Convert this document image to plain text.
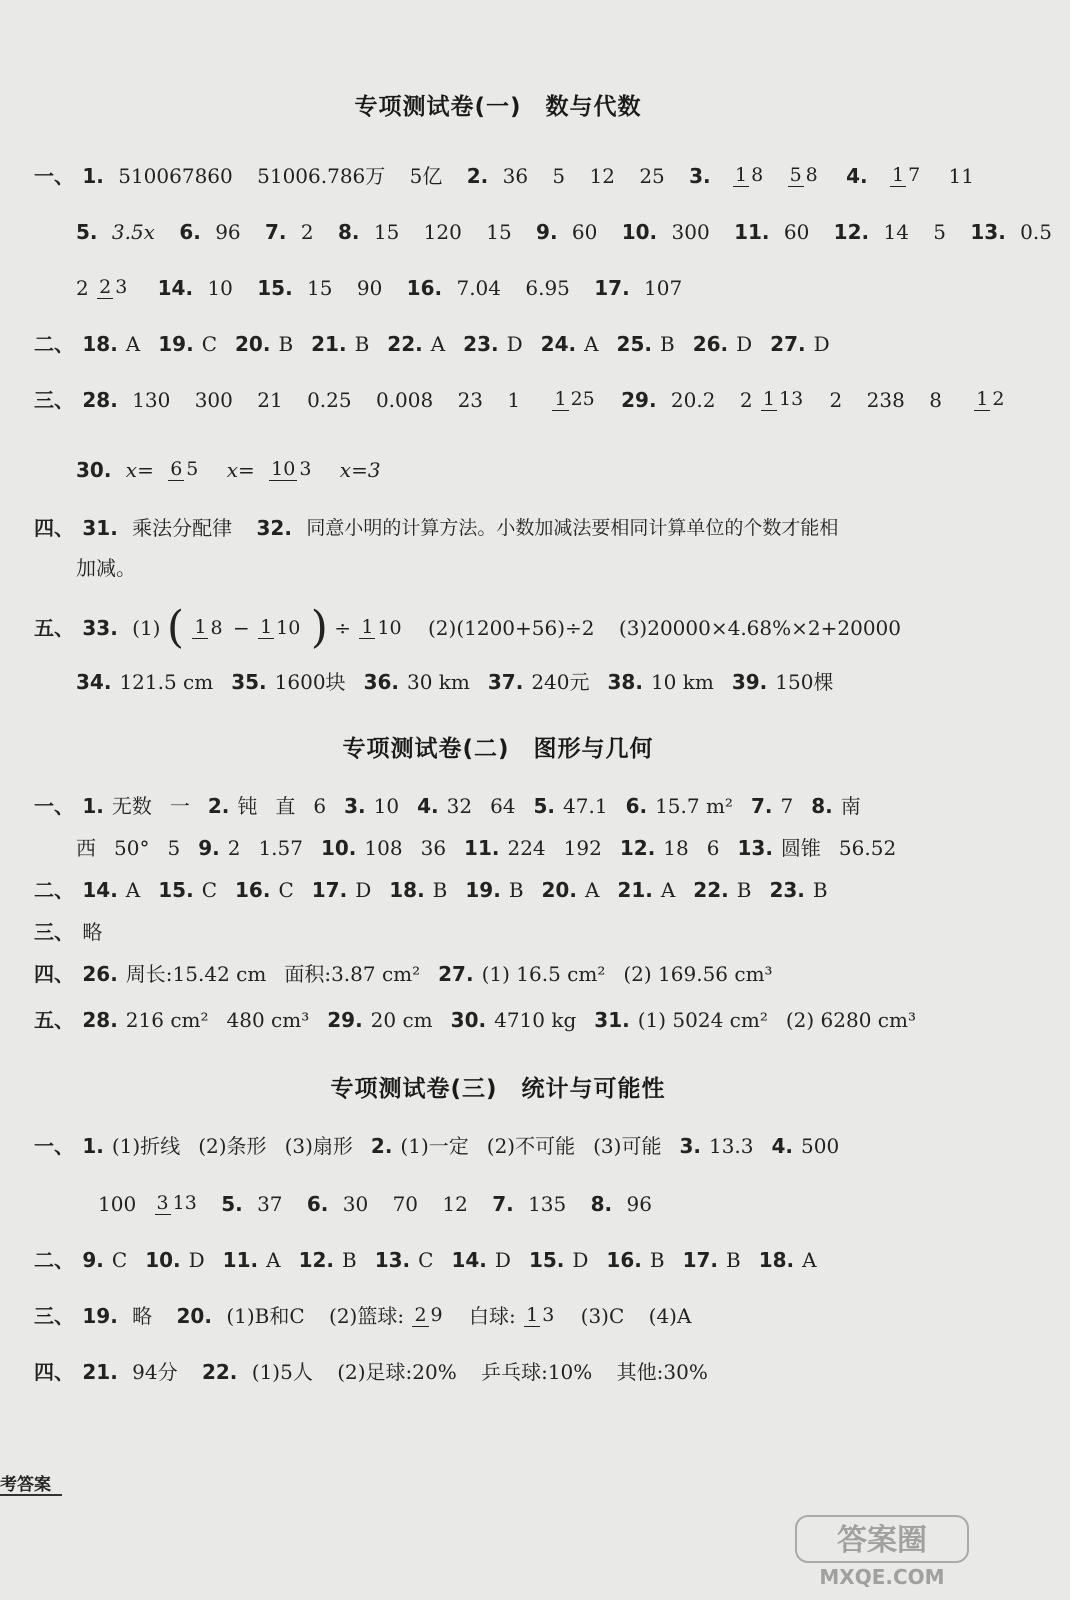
专项测试卷(一)　数与代数
一、 1. 510067860 51006.786万 5亿 2. 36 5 12 25 3. 1 8 5 8 4. 1 7 11
5. 3.5x 6. 96 7. 2 8. 15 120 15 9. 60 10. 300 11. 60 12. 14 5 13. 0.5
2 2 3 14. 10 15. 15 90 16. 7.04 6.95 17. 107
二、 18. A 19. C 20. B 21. B 22. A 23. D 24. A 25. B 26. D 27. D
三、 28. 130 300 21 0.25 0.008 23 1 1 25 29. 20.2 2 1 13 2 238 8 1 2
30. x= 6 5 x= 10 3 x=3
四、 31. 乘法分配律 32. 同意小明的计算方法。小数加减法要相同计算单位的个数才能相
加减。
五、 33. (1) ( 1 8 − 1 10 ) ÷ 1 10 (2)(1200+56)÷2 (3)20000×4.68%×2+20000
34. 121.5 cm 35. 1600块 36. 30 km 37. 240元 38. 10 km 39. 150棵
专项测试卷(二)　图形与几何
一、 1. 无数 一 2. 钝 直 6 3. 10 4. 32 64 5. 47.1 6. 15.7 m² 7. 7 8. 南
西 50° 5 9. 2 1.57 10. 108 36 11. 224 192 12. 18 6 13. 圆锥 56.52
二、 14. A 15. C 16. C 17. D 18. B 19. B 20. A 21. A 22. B 23. B
三、 略
四、 26. 周长:15.42 cm 面积:3.87 cm² 27. (1) 16.5 cm² (2) 169.56 cm³
五、 28. 216 cm² 480 cm³ 29. 20 cm 30. 4710 kg 31. (1) 5024 cm² (2) 6280 cm³
专项测试卷(三)　统计与可能性
一、 1. (1)折线 (2)条形 (3)扇形 2. (1)一定 (2)不可能 (3)可能 3. 13.3 4. 500
100 3 13 5. 37 6. 30 70 12 7. 135 8. 96
二、 9. C 10. D 11. A 12. B 13. C 14. D 15. D 16. B 17. B 18. A
三、 19. 略 20. (1)B和C (2)篮球: 2 9 白球: 1 3 (3)C (4)A
四、 21. 94分 22. (1)5人 (2)足球:20% 乒乓球:10% 其他:30%
考答案
答案圈
MXQE.COM
